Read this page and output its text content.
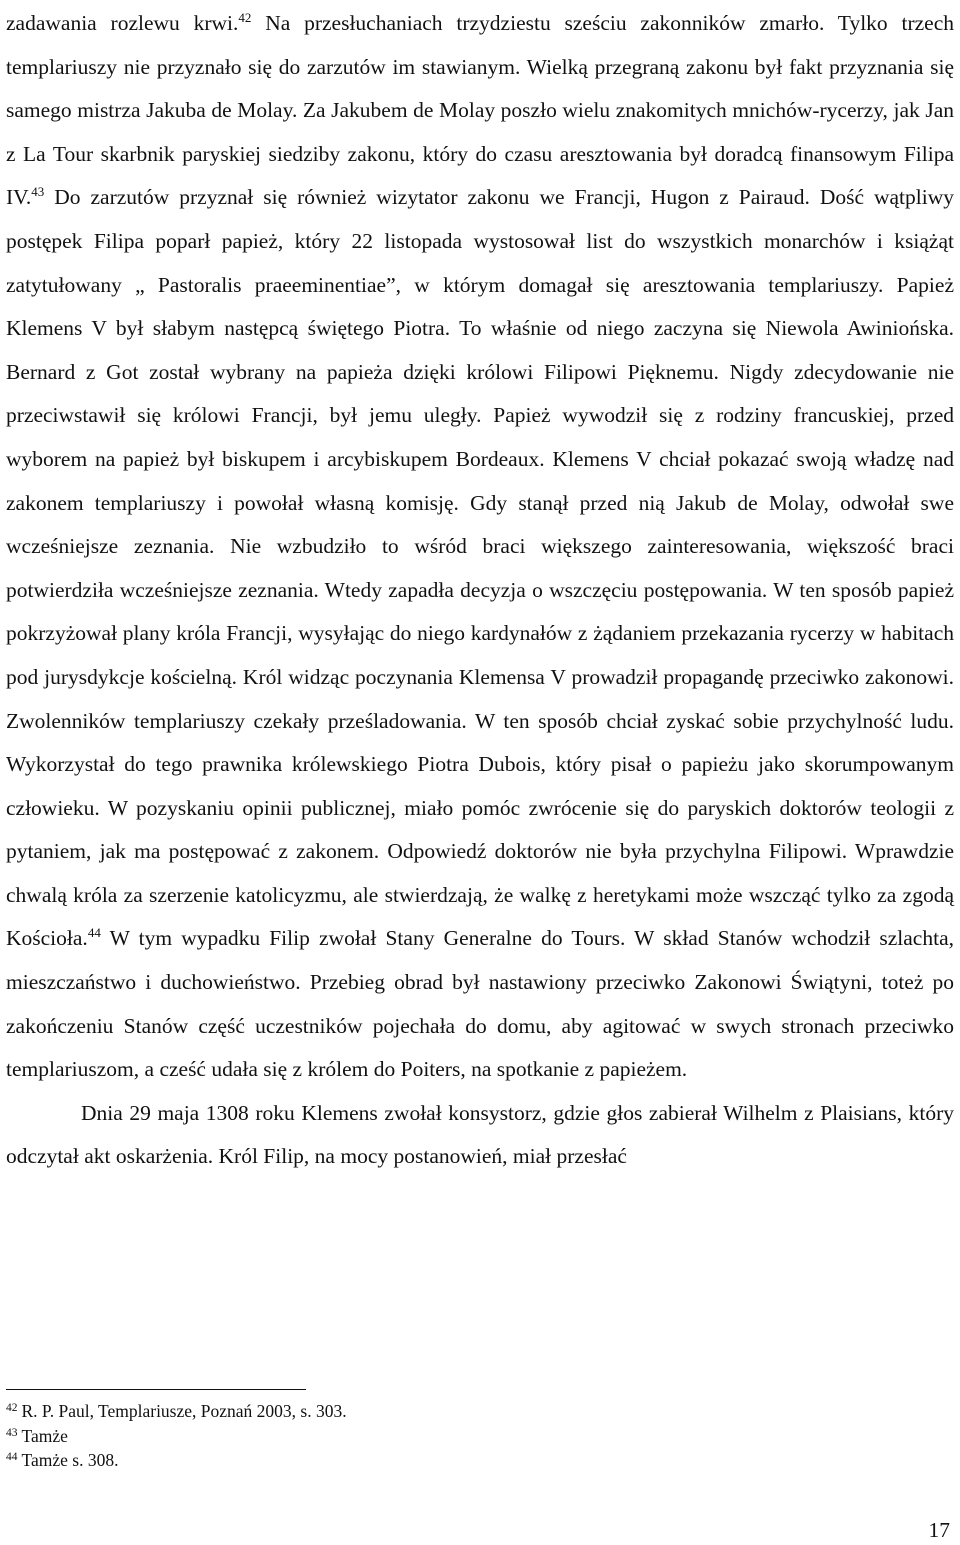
zadawania rozlewu krwi.$^{42}$ Na przesłuchaniach trzydziestu sześciu zakonników zmarło. Tylko trzech templariuszy nie przyznało się do zarzutów im stawianym. Wielką przegraną zakonu był fakt przyznania się samego mistrza Jakuba de Molay. Za Jakubem de Molay poszło wielu znakomitych mnichów-rycerzy, jak Jan z La Tour skarbnik paryskiej siedziby zakonu, który do czasu aresztowania był doradcą finansowym Filipa IV.$^{43}$ Do zarzutów przyznał się również wizytator zakonu we Francji, Hugon z Pairaud. Dość wątpliwy postępek Filipa poparł papież, który 22 listopada wystosował list do wszystkich monarchów i książąt zatytułowany „ Pastoralis praeeminentiae”, w którym domagał się aresztowania templariuszy. Papież Klemens V był słabym następcą świętego Piotra. To właśnie od niego zaczyna się Niewola Awiniońska. Bernard z Got został wybrany na papieża dzięki królowi Filipowi Pięknemu. Nigdy zdecydowanie nie przeciwstawił się królowi Francji, był jemu uległy. Papież wywodził się z rodziny francuskiej, przed wyborem na papież był biskupem i arcybiskupem Bordeaux. Klemens V chciał pokazać swoją władzę nad zakonem templariuszy i powołał własną komisję. Gdy stanął przed nią Jakub de Molay, odwołał swe wcześniejsze zeznania. Nie wzbudziło to wśród braci większego zainteresowania, większość braci potwierdziła wcześniejsze zeznania. Wtedy zapadła decyzja o wszczęciu postępowania. W ten sposób papież pokrzyżował plany króla Francji, wysyłając do niego kardynałów z żądaniem przekazania rycerzy w habitach pod jurysdykcje kościelną. Król widząc poczynania Klemensa V prowadził propagandę przeciwko zakonowi. Zwolenników templariuszy czekały prześladowania. W ten sposób chciał zyskać sobie przychylność ludu. Wykorzystał do tego prawnika królewskiego Piotra Dubois, który pisał o papieżu jako skorumpowanym człowieku. W pozyskaniu opinii publicznej, miało pomóc zwrócenie się do paryskich doktorów teologii z pytaniem, jak ma postępować z zakonem. Odpowiedź doktorów nie była przychylna Filipowi. Wprawdzie chwalą króla za szerzenie katolicyzmu, ale stwierdzają, że walkę z heretykami może wszcząć tylko za zgodą Kościoła.$^{44}$ W tym wypadku Filip zwołał Stany Generalne do Tours. W skład Stanów wchodził szlachta, mieszczaństwo i duchowieństwo. Przebieg obrad był nastawiony przeciwko Zakonowi Świątyni, toteż po zakończeniu Stanów część uczestników pojechała do domu, aby agitować w swych stronach przeciwko templariuszom, a cześć udała się z królem do Poiters, na spotkanie z papieżem.

Dnia 29 maja 1308 roku Klemens zwołał konsystorz, gdzie głos zabierał Wilhelm z Plaisians, który odczytał akt oskarżenia. Król Filip, na mocy postanowień, miał przesłać

$^{42}$ R. P. Paul, Templariusze, Poznań 2003, s. 303.
$^{43}$ Tamże
$^{44}$ Tamże s. 308.
17
